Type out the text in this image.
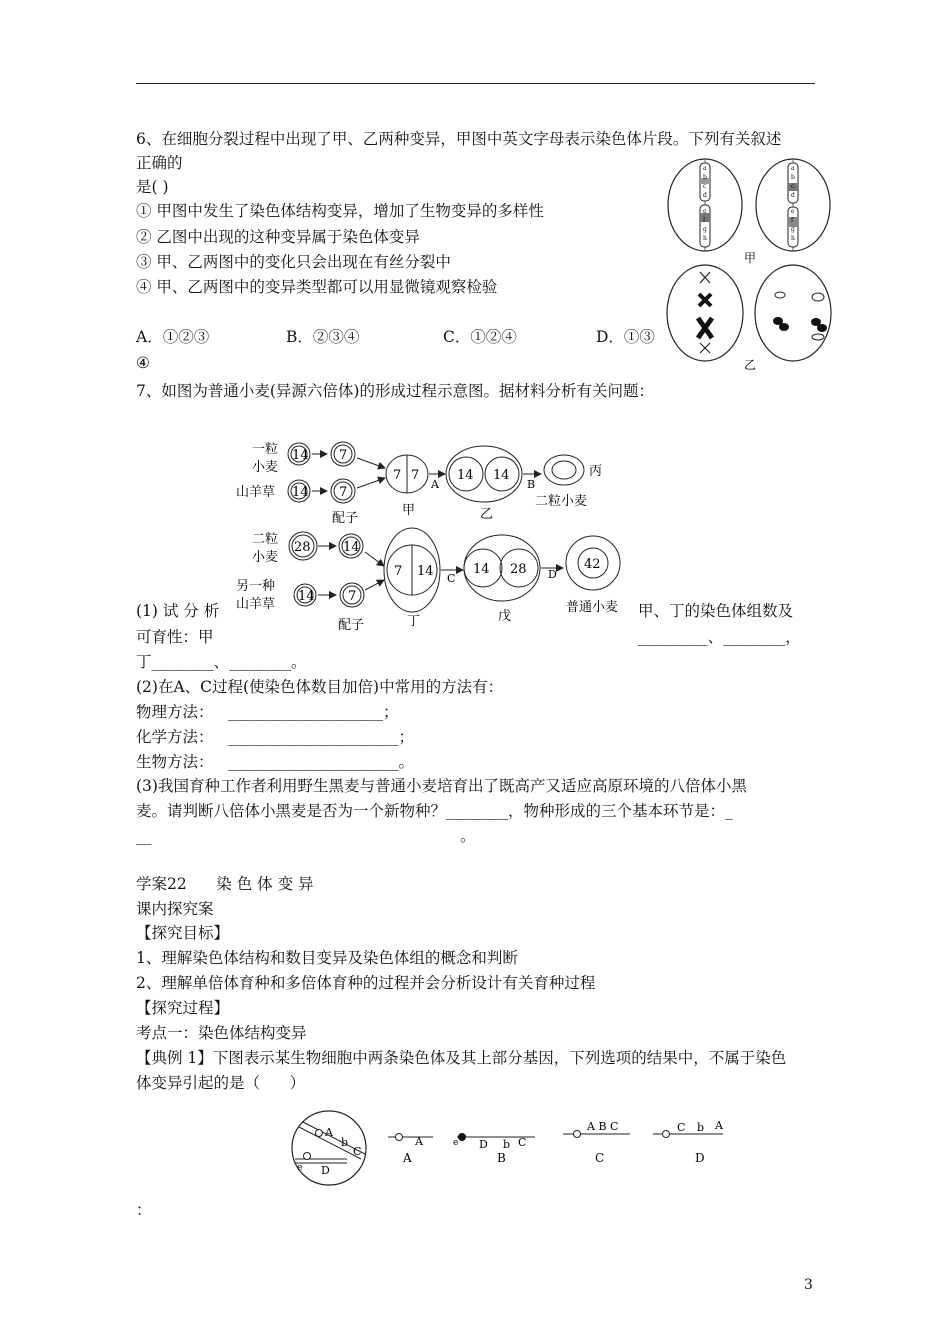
6、在细胞分裂过程中出现了甲、乙两种变异，甲图中英文字母表示染色体片段。下列有关叙述
正确的
是( )
① 甲图中发生了染色体结构变异，增加了生物变异的多样性
② 乙图中出现的这种变异属于染色体变异
③ 甲、乙两图中的变化只会出现在有丝分裂中
④ 甲、乙两图中的变异类型都可以用显微镜观察检验
A．①②③	B．②③④	C．①②④	D．①③
④
a
b
c
d
e
f
g
h
a
b
c
d
e
f
g
h
甲
乙
7、如图为普通小麦(异源六倍体)的形成过程示意图。据材料分析有关问题：
一粒
小麦
山羊草
14 7
14 7
配子
7 7
甲
A
14 14
乙
B
丙
二粒小麦
二粒
小麦
另一种
山羊草
28 14
14	7
配子
7 14
丁
C
14 28
戊
D
42
普通小麦
(1) 试 分 析	甲、丁的染色体组数及
可育性：甲	_________、________，
丁________、________。
(2)在A、C过程(使染色体数目加倍)中常用的方法有：
物理方法： ____________________；
化学方法： ______________________；
生物方法： ______________________。
(3)我国育种工作者利用野生黑麦与普通小麦培育出了既高产又适应高原环境的八倍体小黑
麦。请判断八倍体小黑麦是否为一个新物种？________，物种形成的三个基本环节是：_
__	。
学案22      染 色 体 变 异
课内探究案
【探究目标】
1、理解染色体结构和数目变异及染色体组的概念和判断
2、理解单倍体育种和多倍体育种的过程并会分析设计有关育种过程
【探究过程】
考点一：染色体结构变异
【典例 1】下图表示某生物细胞中两条染色体及其上部分基因，下列选项的结果中，不属于染色
体变异引起的是（      ）
A
b
C
e D
A
A
e D b C
B
A B C
C
C b A
D
：
3
